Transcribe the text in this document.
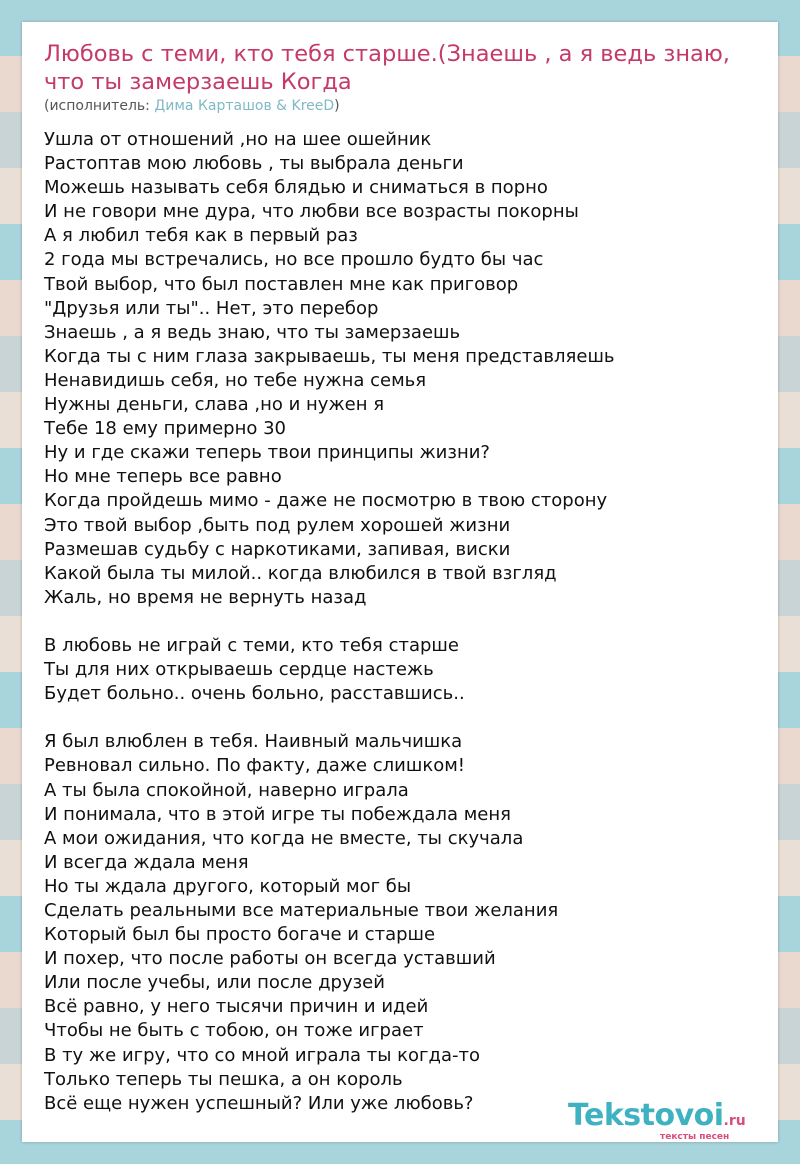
Любовь с теми, кто тебя старше.(Знаешь , а я ведь знаю, что ты замерзаешь Когда
(исполнитель: Дима Карташов & KreeD)
Ушла от отношений ,но на шее ошейник
Растоптав мою любовь , ты выбрала деньги
Можешь называть себя блядью и сниматься в порно
И не говори мне дура, что любви все возрасты покорны
А я любил тебя как в первый раз
2 года мы встречались, но все прошло будто бы час
Твой выбор, что был поставлен мне как приговор
"Друзья или ты".. Нет, это перебор
Знаешь , а я ведь знаю, что ты замерзаешь
Когда ты с ним глаза закрываешь, ты меня представляешь
Ненавидишь себя, но тебе нужна семья
Нужны деньги, слава ,но и нужен я
Тебе 18 ему примерно 30
Ну и где скажи теперь твои принципы жизни?
Но мне теперь все равно
Когда пройдешь мимо - даже не посмотрю в твою сторону
Это твой выбор ,быть под рулем хорошей жизни
Размешав судьбу с наркотиками, запивая, виски
Какой была ты милой.. когда влюбился в твой взгляд
Жаль, но время не вернуть назад
В любовь не играй с теми, кто тебя старше
Ты для них открываешь сердце настежь
Будет больно.. очень больно, расставшись..
Я был влюблен в тебя. Наивный мальчишка
Ревновал сильно. По факту, даже слишком!
А ты была спокойной, наверно играла
И понимала, что в этой игре ты побеждала меня
А мои ожидания, что когда не вместе, ты скучала
И всегда ждала меня
Но ты ждала другого, который мог бы
Сделать реальными все материальные твои желания
Который был бы просто богаче и старше
И похер, что после работы он всегда уставший
Или после учебы, или после друзей
Всё равно, у него тысячи причин и идей
Чтобы не быть с тобою, он тоже играет
В ту же игру, что со мной играла ты когда-то
Только теперь ты пешка, а он король
Всё еще нужен успешный? Или уже любовь?	Tekstovoi.ru
тексты песен
